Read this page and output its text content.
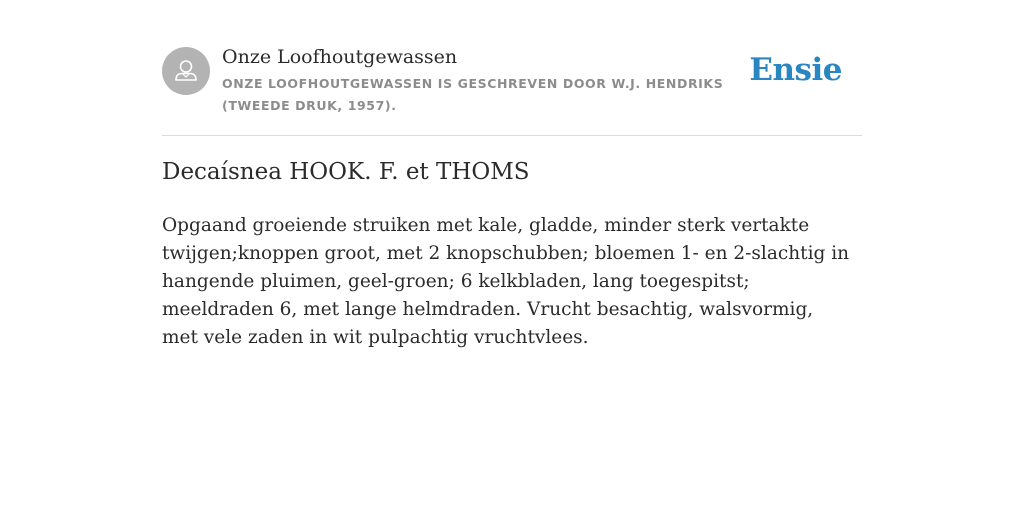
Onze Loofhoutgewassen
ONZE LOOFHOUTGEWASSEN IS GESCHREVEN DOOR W.J. HENDRIKS (TWEEDE DRUK, 1957).
Ensie
Decaísnea HOOK. F. et THOMS

Opgaand groeiende struiken met kale, gladde, minder sterk vertakte twijgen;knoppen groot, met 2 knopschubben; bloemen 1- en 2-slachtig in hangende pluimen, geel-groen; 6 kelkbladen, lang toegespitst; meeldraden 6, met lange helmdraden. Vrucht besachtig, walsvormig, met vele zaden in wit pulpachtig vruchtvlees.
